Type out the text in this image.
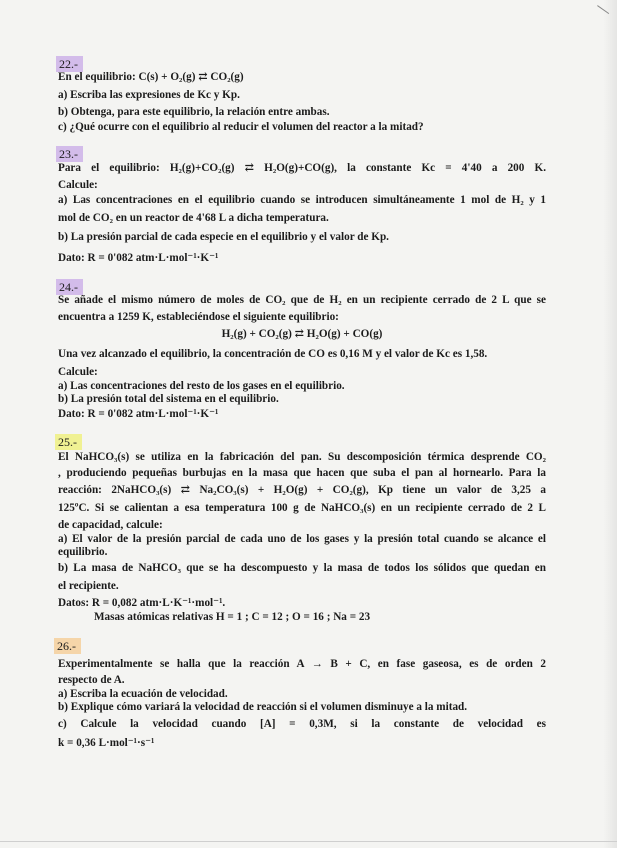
22.-
En el equilibrio: C(s) + O₂(g) ⇄ CO₂(g)
a) Escriba las expresiones de Kc y Kp.
b) Obtenga, para este equilibrio, la relación entre ambas.
c) ¿Qué ocurre con el equilibrio al reducir el volumen del reactor a la mitad?
23.-
Para el equilibrio: H₂(g)+CO₂(g) ⇄ H₂O(g)+CO(g), la constante Kc = 4'40 a 200 K.
Calcule:
a) Las concentraciones en el equilibrio cuando se introducen simultáneamente 1 mol de H₂ y 1
mol de CO₂ en un reactor de 4'68 L a dicha temperatura.
b) La presión parcial de cada especie en el equilibrio y el valor de Kp.
Dato: R = 0'082 atm·L·mol⁻¹·K⁻¹
24.-
Se añade el mismo número de moles de CO₂ que de H₂ en un recipiente cerrado de 2 L que se
encuentra a 1259 K, estableciéndose el siguiente equilibrio:
H₂(g) + CO₂(g) ⇄ H₂O(g) + CO(g)
Una vez alcanzado el equilibrio, la concentración de CO es 0,16 M y el valor de Kc es 1,58.
Calcule:
a) Las concentraciones del resto de los gases en el equilibrio.
b) La presión total del sistema en el equilibrio.
Dato: R = 0'082 atm·L·mol⁻¹·K⁻¹
25.-
El NaHCO₃(s) se utiliza en la fabricación del pan. Su descomposición térmica desprende CO₂
, produciendo pequeñas burbujas en la masa que hacen que suba el pan al hornearlo. Para la
reacción: 2NaHCO₃(s) ⇄ Na₂CO₃(s) + H₂O(g) + CO₂(g), Kp tiene un valor de 3,25 a
125ºC. Si se calientan a esa temperatura 100 g de NaHCO₃(s) en un recipiente cerrado de 2 L
de capacidad, calcule:
a) El valor de la presión parcial de cada uno de los gases y la presión total cuando se alcance el
equilibrio.
b) La masa de NaHCO₃ que se ha descompuesto y la masa de todos los sólidos que quedan en
el recipiente.
Datos: R = 0,082 atm·L·K⁻¹·mol⁻¹.
Masas atómicas relativas H = 1 ; C = 12 ; O = 16 ; Na = 23
26.-
Experimentalmente se halla que la reacción A → B + C, en fase gaseosa, es de orden 2
respecto de A.
a) Escriba la ecuación de velocidad.
b) Explique cómo variará la velocidad de reacción si el volumen disminuye a la mitad.
c) Calcule la velocidad cuando [A] = 0,3M, si la constante de velocidad es
k = 0,36 L·mol⁻¹·s⁻¹
